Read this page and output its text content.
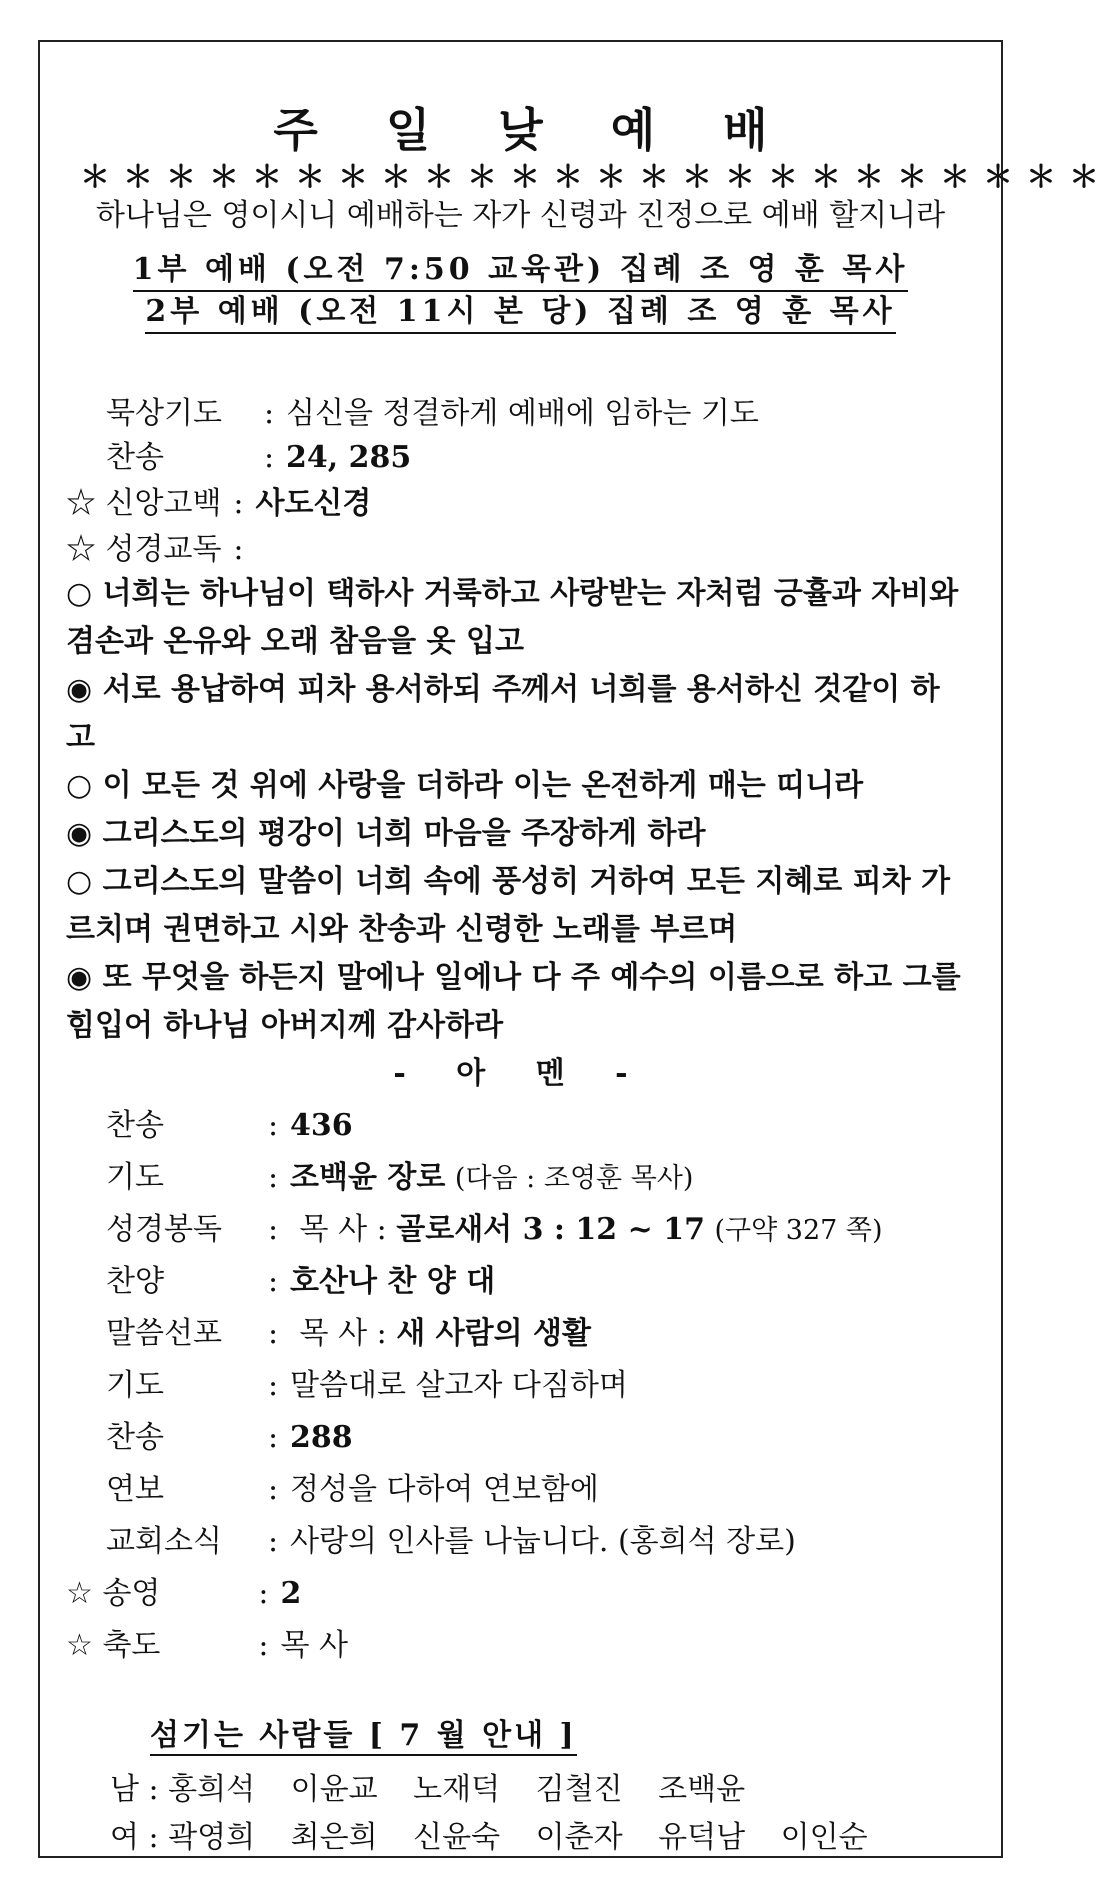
주 일 낮 예 배
＊＊＊＊＊＊＊＊＊＊＊＊＊＊＊＊＊＊＊＊＊＊＊＊
하나님은 영이시니 예배하는 자가 신령과 진정으로 예배 할지니라
1부 예배 (오전 7:50 교육관) 집례 조 영 훈 목사
2부 예배 (오전 11시 본 당) 집례 조 영 훈 목사
묵상기도 : 심신을 정결하게 예배에 임하는 기도
찬송	: 24, 285
☆ 신앙고백 : 사도신경
☆ 성경교독 :

○ 너희는 하나님이 택하사 거룩하고 사랑받는 자처럼 긍휼과 자비와 겸손과 온유와 오래 참음을 옷 입고

◉ 서로 용납하여 피차 용서하되 주께서 너희를 용서하신 것같이 하고

○ 이 모든 것 위에 사랑을 더하라 이는 온전하게 매는 띠니라

◉ 그리스도의 평강이 너희 마음을 주장하게 하라

○ 그리스도의 말씀이 너희 속에 풍성히 거하여 모든 지혜로 피차 가르치며 권면하고 시와 찬송과 신령한 노래를 부르며

◉ 또 무엇을 하든지 말에나 일에나 다 주 예수의 이름으로 하고 그를 힘입어 하나님 아버지께 감사하라

- 아 멘 -
찬송	: 436
기도	: 조백윤 장로 (다음 : 조영훈 목사)
성경봉독 : 목 사 : 골로새서 3 : 12 ~ 17 (구약 327 쪽)
찬양	: 호산나 찬 양 대
말씀선포 : 목 사 : 새 사람의 생활
기도	: 말씀대로 살고자 다짐하며
찬송	: 288
연보	: 정성을 다하여 연보함에
교회소식 : 사랑의 인사를 나눕니다. (홍희석 장로)
☆ 송영	: 2
☆ 축도	: 목 사
섬기는 사람들 [ 7 월 안내 ]
남 : 홍희석 이윤교 노재덕 김철진 조백윤
여 : 곽영희 최은희 신윤숙 이춘자 유덕남 이인순
